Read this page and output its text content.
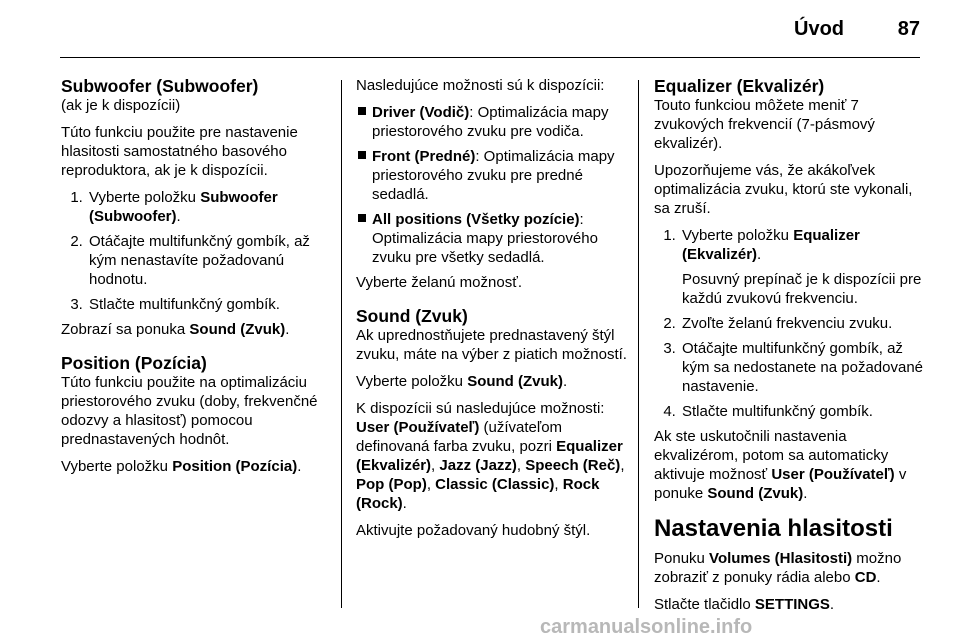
Úvod	87
Subwoofer (Subwoofer)

(ak je k dispozícii)

Túto funkciu použite pre nastavenie hlasitosti samostatného basového reproduktora, ak je k dispozícii.

1. Vyberte položku Subwoofer (Subwoofer).
2. Otáčajte multifunkčný gombík, až kým nenastavíte požadovanú hodnotu.
3. Stlačte multifunkčný gombík.

Zobrazí sa ponuka Sound (Zvuk).

Position (Pozícia)

Túto funkciu použite na optimalizáciu priestorového zvuku (doby, frekvenčné odozvy a hlasitosť) pomocou prednastavených hodnôt.

Vyberte položku Position (Pozícia).

Nasledujúce možnosti sú k dispozícii:

Driver (Vodič): Optimalizácia mapy priestorového zvuku pre vodiča.
Front (Predné): Optimalizácia mapy priestorového zvuku pre predné sedadlá.
All positions (Všetky pozície): Optimalizácia mapy priestorového zvuku pre všetky sedadlá.

Vyberte želanú možnosť.

Sound (Zvuk)

Ak uprednostňujete prednastavený štýl zvuku, máte na výber z piatich možností.

Vyberte položku Sound (Zvuk).

K dispozícii sú nasledujúce možnosti: User (Používateľ) (užívateľom definovaná farba zvuku, pozri Equalizer (Ekvalizér), Jazz (Jazz), Speech (Reč), Pop (Pop), Classic (Classic), Rock (Rock).

Aktivujte požadovaný hudobný štýl.

Equalizer (Ekvalizér)

Touto funkciou môžete meniť 7 zvukových frekvencií (7-pásmový ekvalizér).

Upozorňujeme vás, že akákoľvek optimalizácia zvuku, ktorú ste vykonali, sa zruší.

1. Vyberte položku Equalizer (Ekvalizér).
Posuvný prepínač je k dispozícii pre každú zvukovú frekvenciu.
2. Zvoľte želanú frekvenciu zvuku.
3. Otáčajte multifunkčný gombík, až kým sa nedostanete na požadované nastavenie.
4. Stlačte multifunkčný gombík.

Ak ste uskutočnili nastavenia ekvalizérom, potom sa automaticky aktivuje možnosť User (Používateľ) v ponuke Sound (Zvuk).

Nastavenia hlasitosti

Ponuku Volumes (Hlasitosti) možno zobraziť z ponuky rádia alebo CD.

Stlačte tlačidlo SETTINGS.

carmanualsonline.info
